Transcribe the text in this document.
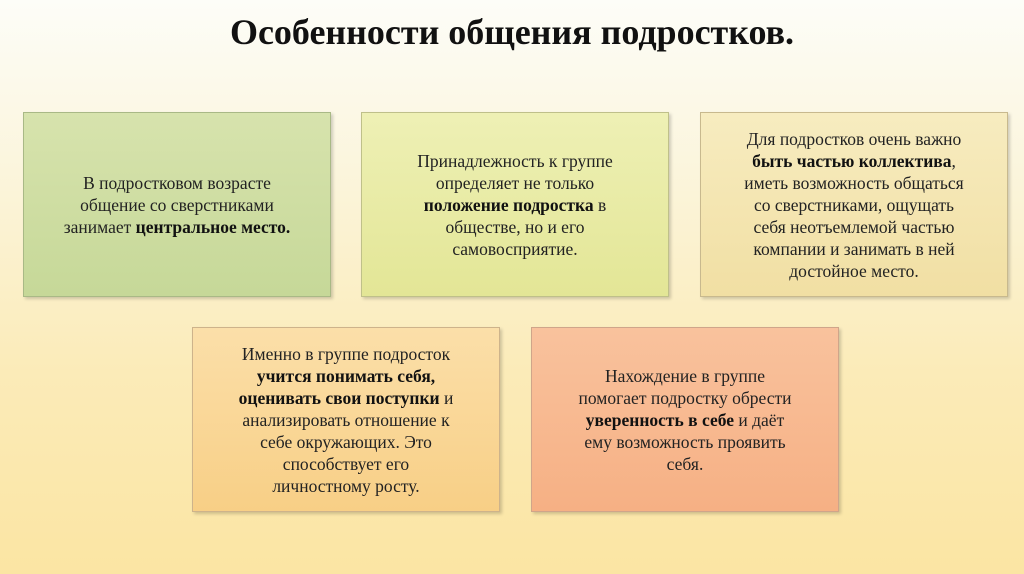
Особенности общения подростков.
В подростковом возрасте
общение со сверстниками
занимает центральное место.
Принадлежность к группе
определяет не только
положение подростка в
обществе, но и его
самовосприятие.
Для подростков очень важно
быть частью коллектива,
иметь возможность общаться
со сверстниками, ощущать
себя неотъемлемой частью
компании и занимать в ней
достойное место.
Именно в группе подросток
учится понимать себя,
оценивать свои поступки и
анализировать отношение к
себе окружающих. Это
способствует его
личностному росту.
Нахождение в группе
помогает подростку обрести
уверенность в себе и даёт
ему возможность проявить
себя.
